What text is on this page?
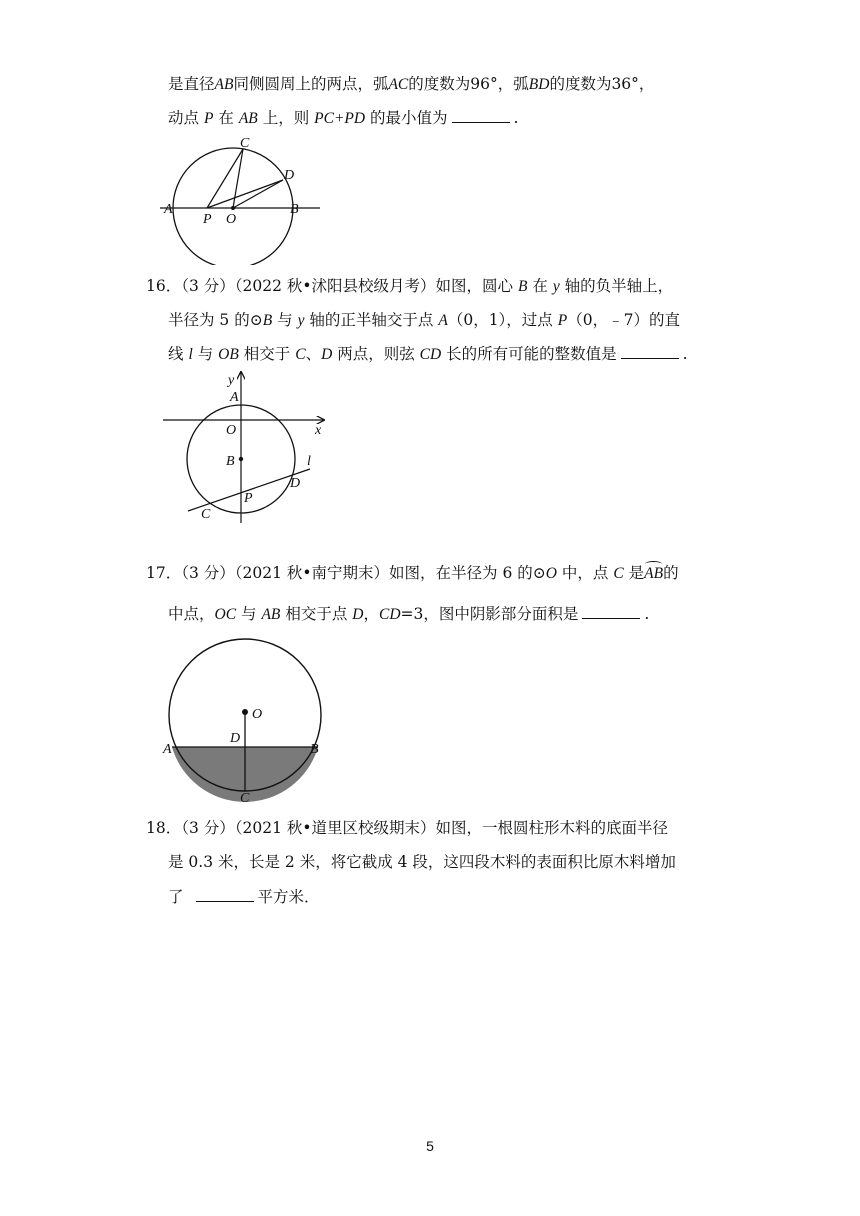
是直径AB同侧圆周上的两点，弧AC的度数为96°，弧BD的度数为36°，
动点 P 在 AB 上，则 PC+PD 的最小值为	.
A	B
C
D
P O
16．（3 分）（2022 秋•沭阳县校级月考）如图，圆心 B 在 y 轴的负半轴上，
半径为 5 的⊙B 与 y 轴的正半轴交于点 A（0，1），过点 P（0，﹣7）的直
线 l 与 OB 相交于 C、D 两点，则弦 CD 长的所有可能的整数值是	.
y
x
A
O
B	l
D
P
C
17．（3 分）（2021 秋•南宁期末）如图，在半径为 6 的⊙O 中，点 C 是AB的
中点，OC 与 AB 相交于点 D，CD=3，图中阴影部分面积是	.
O
D
A	B
C
18．（3 分）（2021 秋•道里区校级期末）如图，一根圆柱形木料的底面半径
是 0.3 米，长是 2 米，将它截成 4 段，这四段木料的表面积比原木料增加
了	平方米．
5
